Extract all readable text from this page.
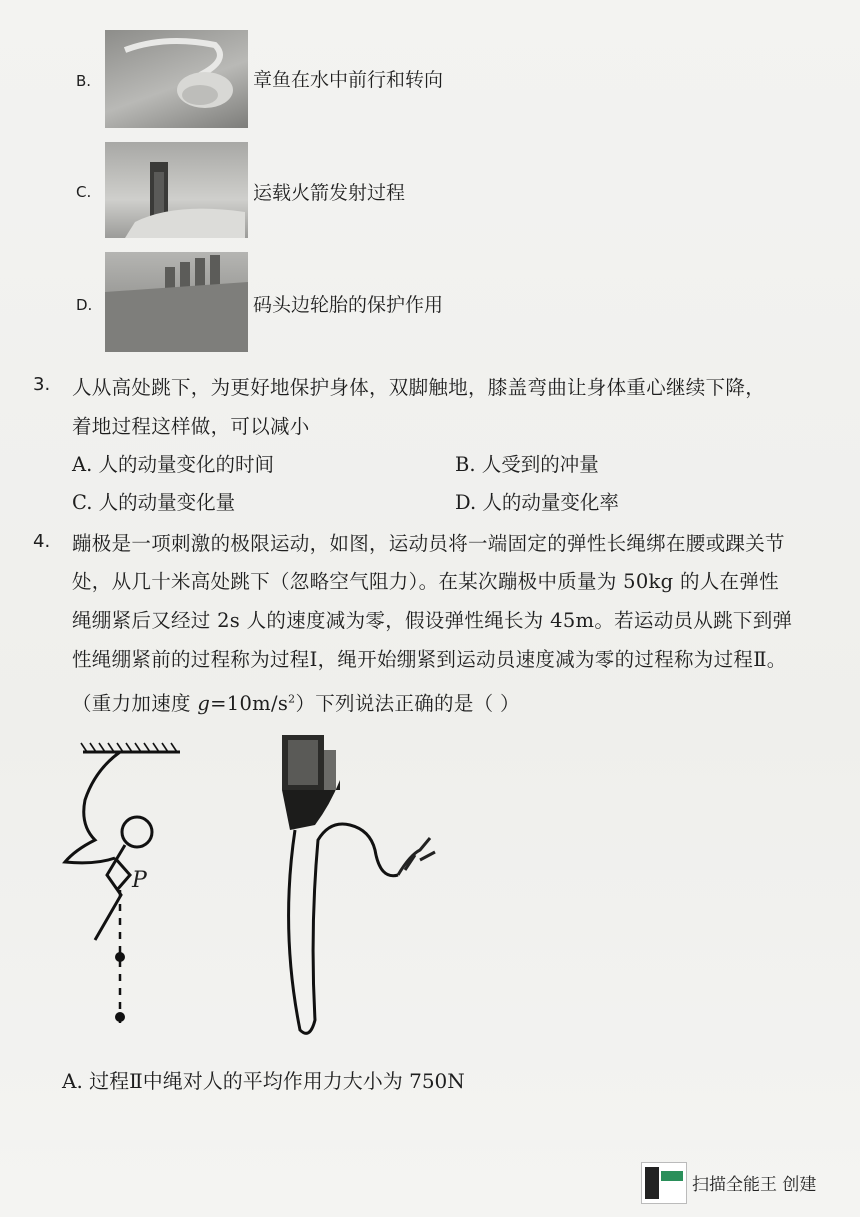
B.	章鱼在水中前行和转向
C.	运载火箭发射过程
D.	码头边轮胎的保护作用
3. 人从高处跳下，为更好地保护身体，双脚触地，膝盖弯曲让身体重心继续下降，
着地过程这样做，可以减小
A. 人的动量变化的时间	B. 人受到的冲量
C. 人的动量变化量	D. 人的动量变化率
4. 蹦极是一项刺激的极限运动，如图，运动员将一端固定的弹性长绳绑在腰或踝关节
处，从几十米高处跳下（忽略空气阻力）。在某次蹦极中质量为 50kg 的人在弹性
绳绷紧后又经过 2s 人的速度减为零，假设弹性绳长为 45m。若运动员从跳下到弹
性绳绷紧前的过程称为过程Ⅰ，绳开始绷紧到运动员速度减为零的过程称为过程Ⅱ。
（重力加速度 $g=10m/s^2$）下列说法正确的是（ ）
P
A. 过程Ⅱ中绳对人的平均作用力大小为 750N
扫描全能王 创建
